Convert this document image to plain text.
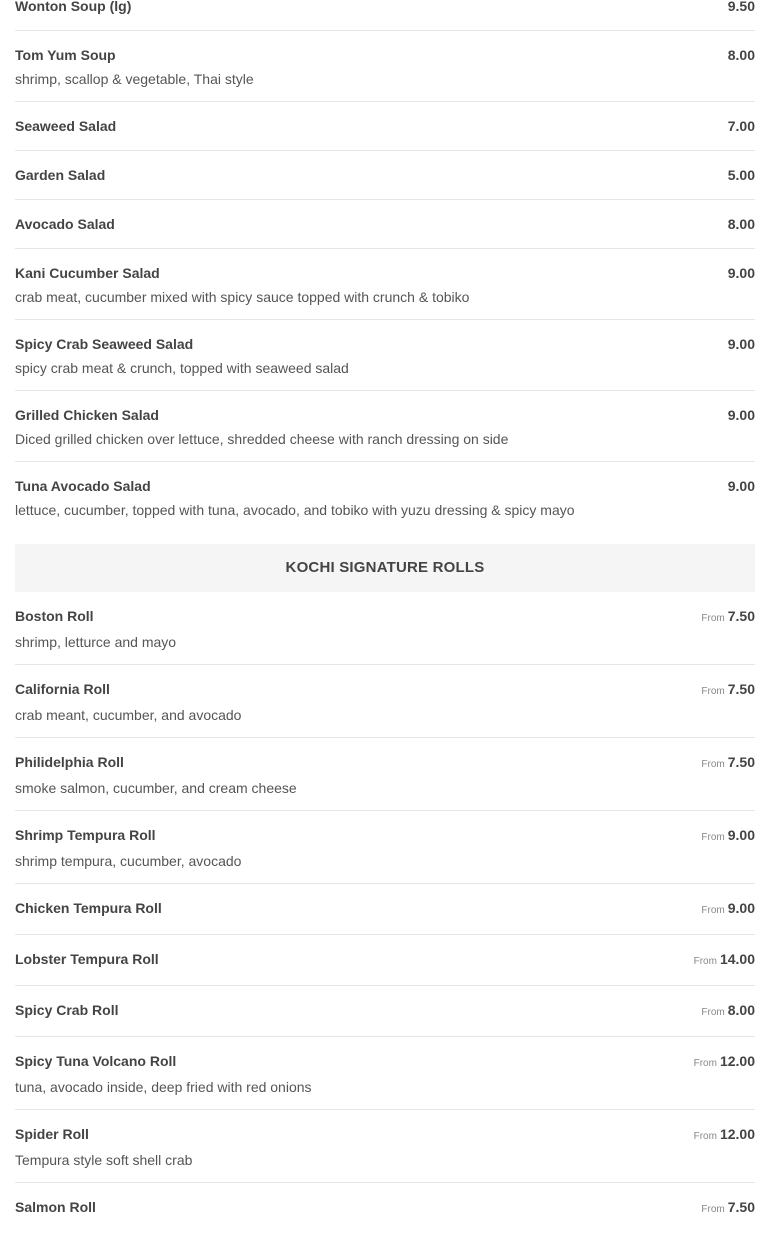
Wonton Soup (lg)	9.50
Tom Yum Soup	8.00
shrimp, scallop & vegetable, Thai style
Seaweed Salad	7.00
Garden Salad	5.00
Avocado Salad	8.00
Kani Cucumber Salad	9.00
crab meat, cucumber mixed with spicy sauce topped with crunch & tobiko
Spicy Crab Seaweed Salad	9.00
spicy crab meat & crunch, topped with seaweed salad
Grilled Chicken Salad	9.00
Diced grilled chicken over lettuce, shredded cheese with ranch dressing on side
Tuna Avocado Salad	9.00
lettuce, cucumber, topped with tuna, avocado, and tobiko with yuzu dressing & spicy mayo
KOCHI SIGNATURE ROLLS
Boston Roll	From 7.50
shrimp, letturce and mayo
California Roll	From 7.50
crab meant, cucumber, and avocado
Philidelphia Roll	From 7.50
smoke salmon, cucumber, and cream cheese
Shrimp Tempura Roll	From 9.00
shrimp tempura, cucumber, avocado
Chicken Tempura Roll	From 9.00
Lobster Tempura Roll	From 14.00
Spicy Crab Roll	From 8.00
Spicy Tuna Volcano Roll	From 12.00
tuna, avocado inside, deep fried with red onions
Spider Roll	From 12.00
Tempura style soft shell crab
Salmon Roll	From 7.50
